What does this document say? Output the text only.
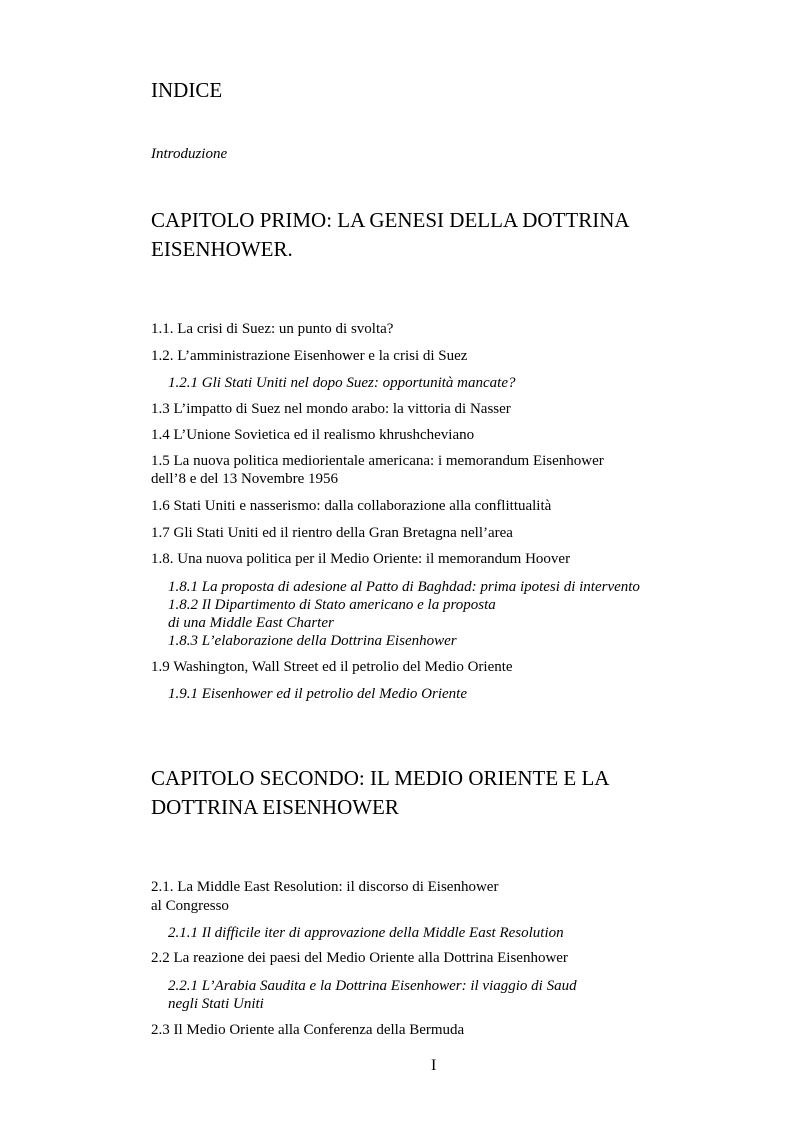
INDICE
Introduzione
CAPITOLO PRIMO: LA GENESI DELLA DOTTRINA
EISENHOWER.
1.1. La crisi di Suez: un punto di svolta?
1.2. L’amministrazione Eisenhower e la crisi di Suez
1.2.1 Gli Stati Uniti nel dopo Suez: opportunità mancate?
1.3 L’impatto di Suez nel mondo arabo: la vittoria di Nasser
1.4 L’Unione Sovietica ed il realismo khrushcheviano
1.5 La nuova politica mediorientale americana: i memorandum Eisenhower
dell’8 e del 13 Novembre 1956
1.6 Stati Uniti e nasserismo: dalla collaborazione alla conflittualità
1.7 Gli Stati Uniti ed il rientro della Gran Bretagna nell’area
1.8. Una nuova politica per il Medio Oriente: il memorandum Hoover
1.8.1 La proposta di adesione al Patto di Baghdad: prima ipotesi di intervento
1.8.2 Il Dipartimento di Stato americano e la proposta
di una Middle East Charter
1.8.3 L’elaborazione della Dottrina Eisenhower
1.9 Washington, Wall Street ed il petrolio del Medio Oriente
1.9.1 Eisenhower ed il petrolio del Medio Oriente
CAPITOLO SECONDO: IL MEDIO ORIENTE E LA
DOTTRINA EISENHOWER
2.1. La Middle East Resolution: il discorso di Eisenhower
al Congresso
2.1.1 Il difficile iter di approvazione della Middle East Resolution
2.2 La reazione dei paesi del Medio Oriente alla Dottrina Eisenhower
2.2.1 L’Arabia Saudita e la Dottrina Eisenhower: il viaggio di Saud
negli Stati Uniti
2.3 Il Medio Oriente alla Conferenza della Bermuda
I
